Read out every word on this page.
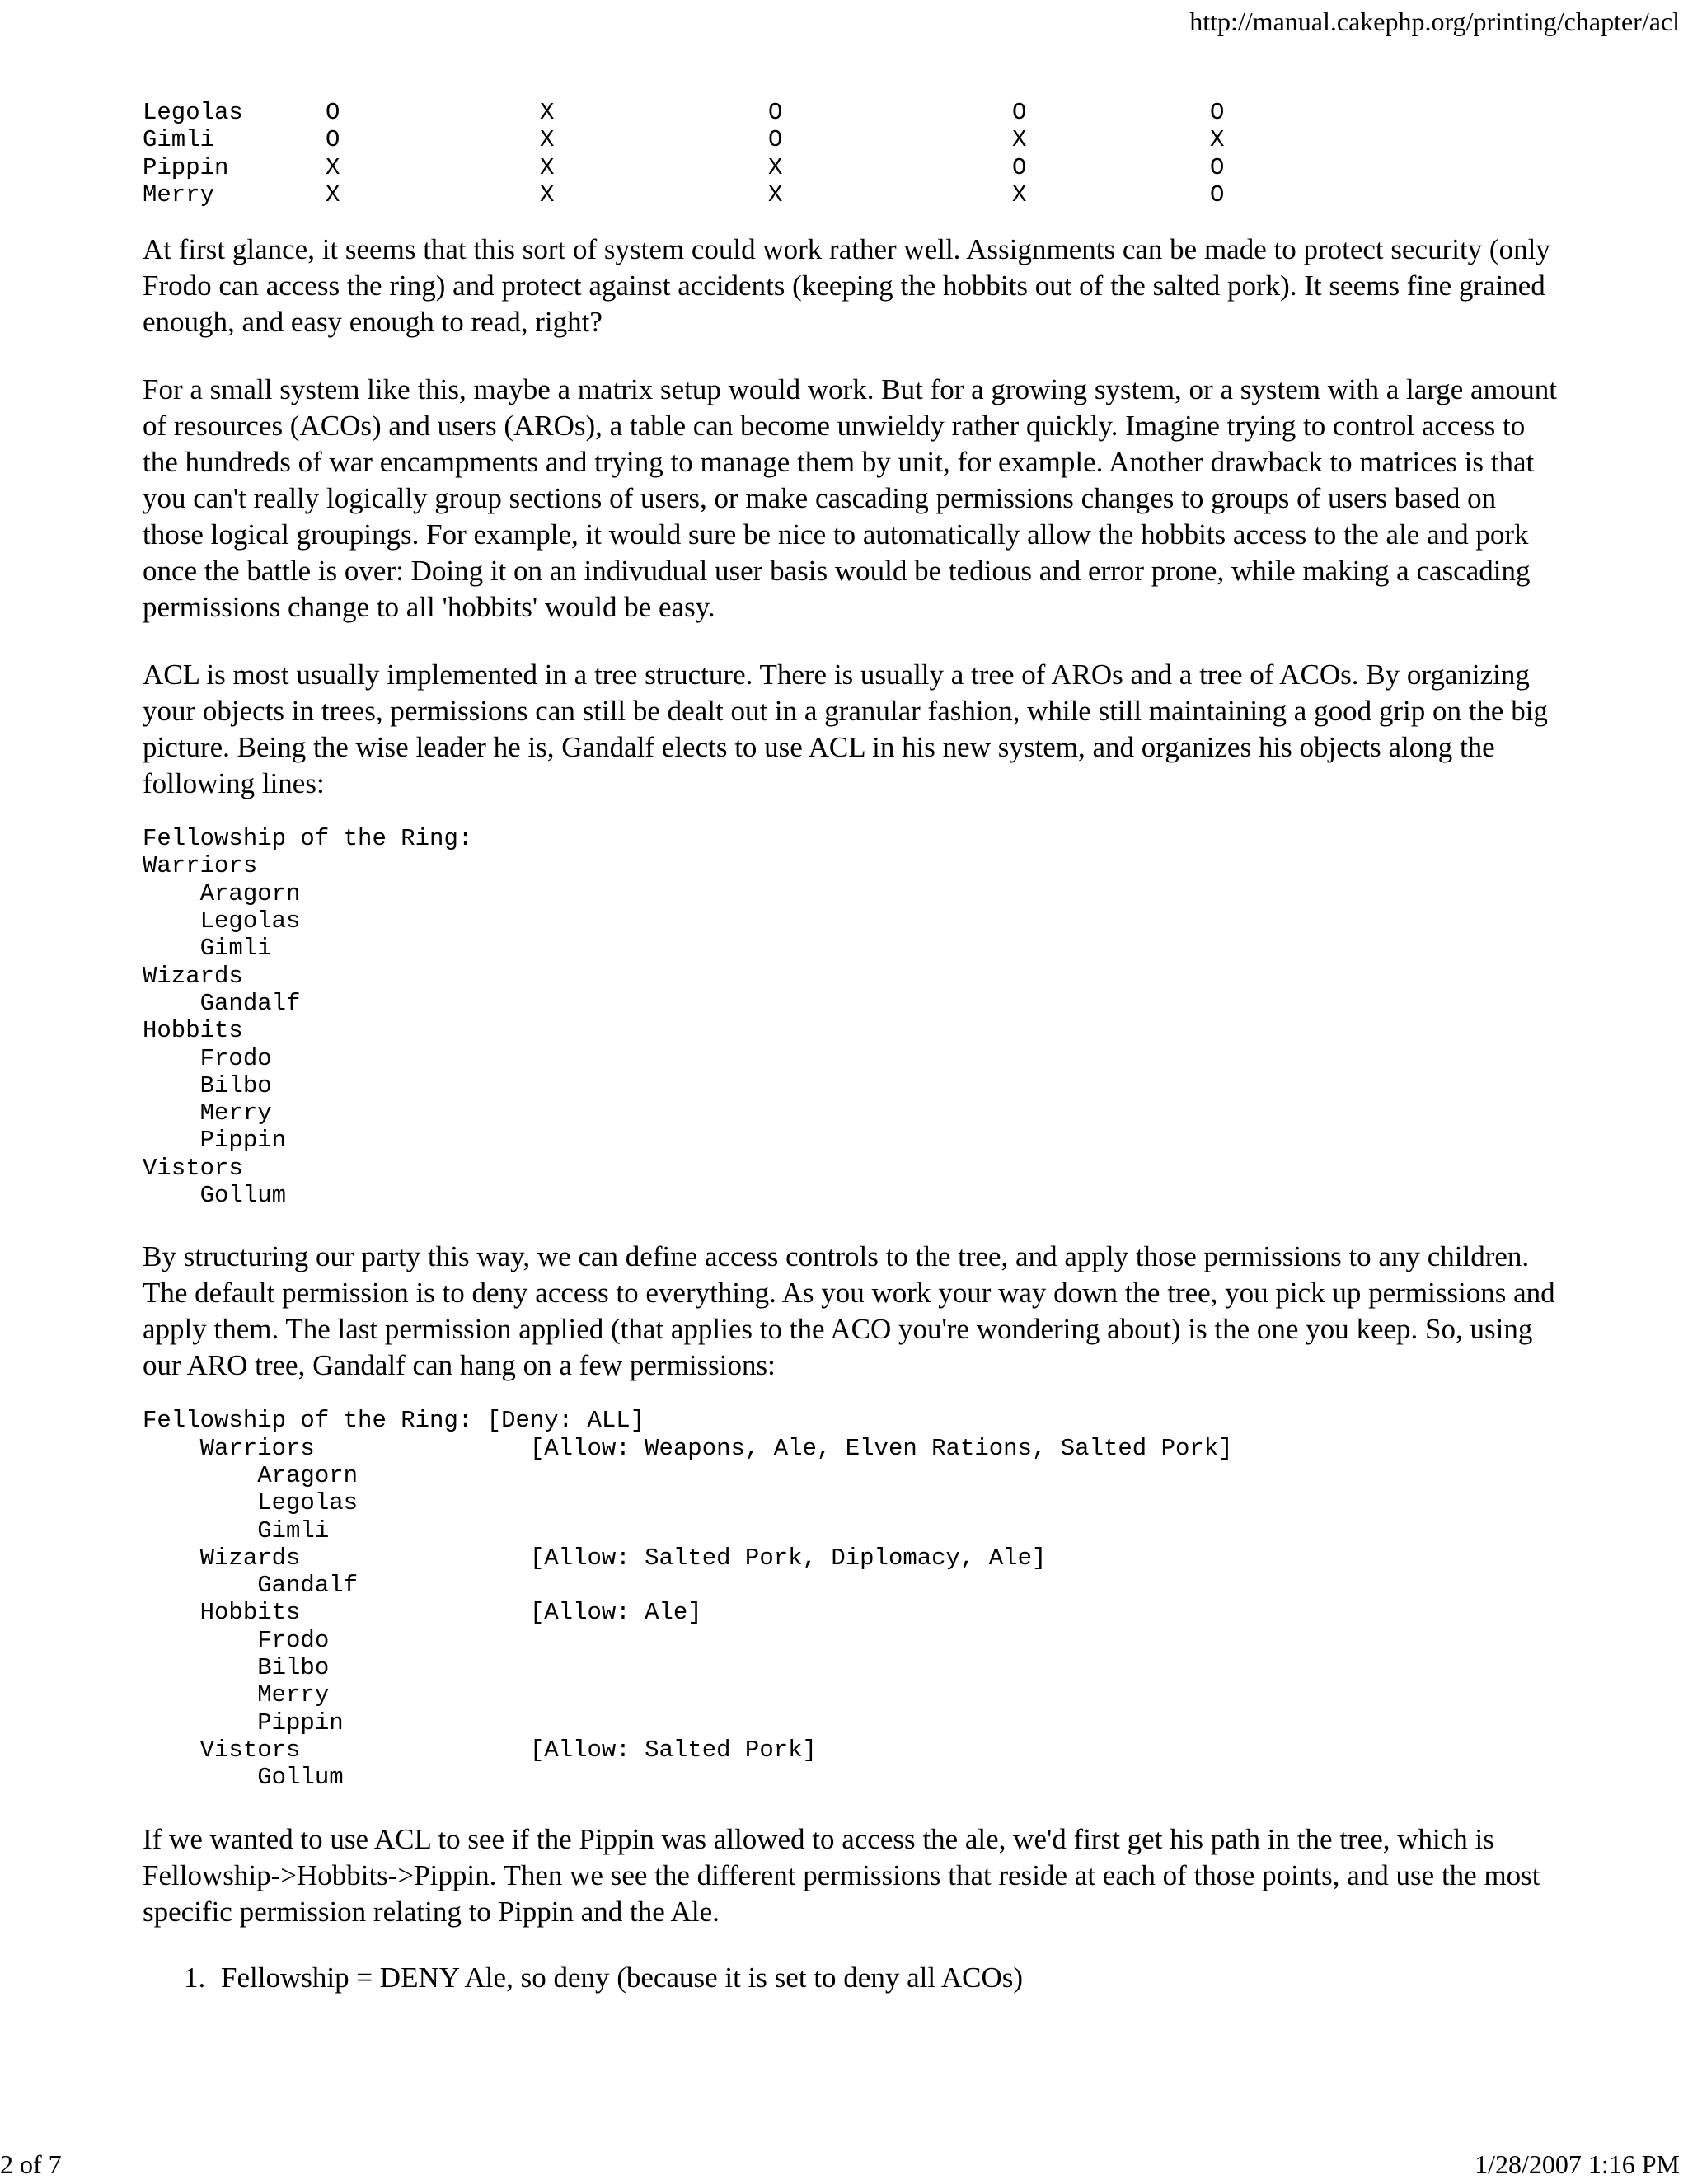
http://manual.cakephp.org/printing/chapter/acl
Legolas	O	X	O	O	O
Gimli	O	X	O	X	X
Pippin	X	X	X	O	O
Merry	X	X	X	X	O

At first glance, it seems that this sort of system could work rather well. Assignments can be made to protect security (only Frodo can access the ring) and protect against accidents (keeping the hobbits out of the salted pork). It seems fine grained enough, and easy enough to read, right?

For a small system like this, maybe a matrix setup would work. But for a growing system, or a system with a large amount of resources (ACOs) and users (AROs), a table can become unwieldy rather quickly. Imagine trying to control access to the hundreds of war encampments and trying to manage them by unit, for example. Another drawback to matrices is that you can't really logically group sections of users, or make cascading permissions changes to groups of users based on those logical groupings. For example, it would sure be nice to automatically allow the hobbits access to the ale and pork once the battle is over: Doing it on an indivudual user basis would be tedious and error prone, while making a cascading permissions change to all 'hobbits' would be easy.

ACL is most usually implemented in a tree structure. There is usually a tree of AROs and a tree of ACOs. By organizing your objects in trees, permissions can still be dealt out in a granular fashion, while still maintaining a good grip on the big picture. Being the wise leader he is, Gandalf elects to use ACL in his new system, and organizes his objects along the following lines:

Fellowship of the Ring:
Warriors
Aragorn
Legolas
Gimli
Wizards
Gandalf
Hobbits
Frodo
Bilbo
Merry
Pippin
Vistors
Gollum

By structuring our party this way, we can define access controls to the tree, and apply those permissions to any children. The default permission is to deny access to everything. As you work your way down the tree, you pick up permissions and apply them. The last permission applied (that applies to the ACO you're wondering about) is the one you keep. So, using our ARO tree, Gandalf can hang on a few permissions:

Fellowship of the Ring: [Deny: ALL]
Warriors               [Allow: Weapons, Ale, Elven Rations, Salted Pork]
Aragorn
Legolas
Gimli
Wizards                [Allow: Salted Pork, Diplomacy, Ale]
Gandalf
Hobbits                [Allow: Ale]
Frodo
Bilbo
Merry
Pippin
Vistors                [Allow: Salted Pork]
Gollum

If we wanted to use ACL to see if the Pippin was allowed to access the ale, we'd first get his path in the tree, which is Fellowship->Hobbits->Pippin. Then we see the different permissions that reside at each of those points, and use the most specific permission relating to Pippin and the Ale.

1. Fellowship = DENY Ale, so deny (because it is set to deny all ACOs)
2 of 7	1/28/2007 1:16 PM
